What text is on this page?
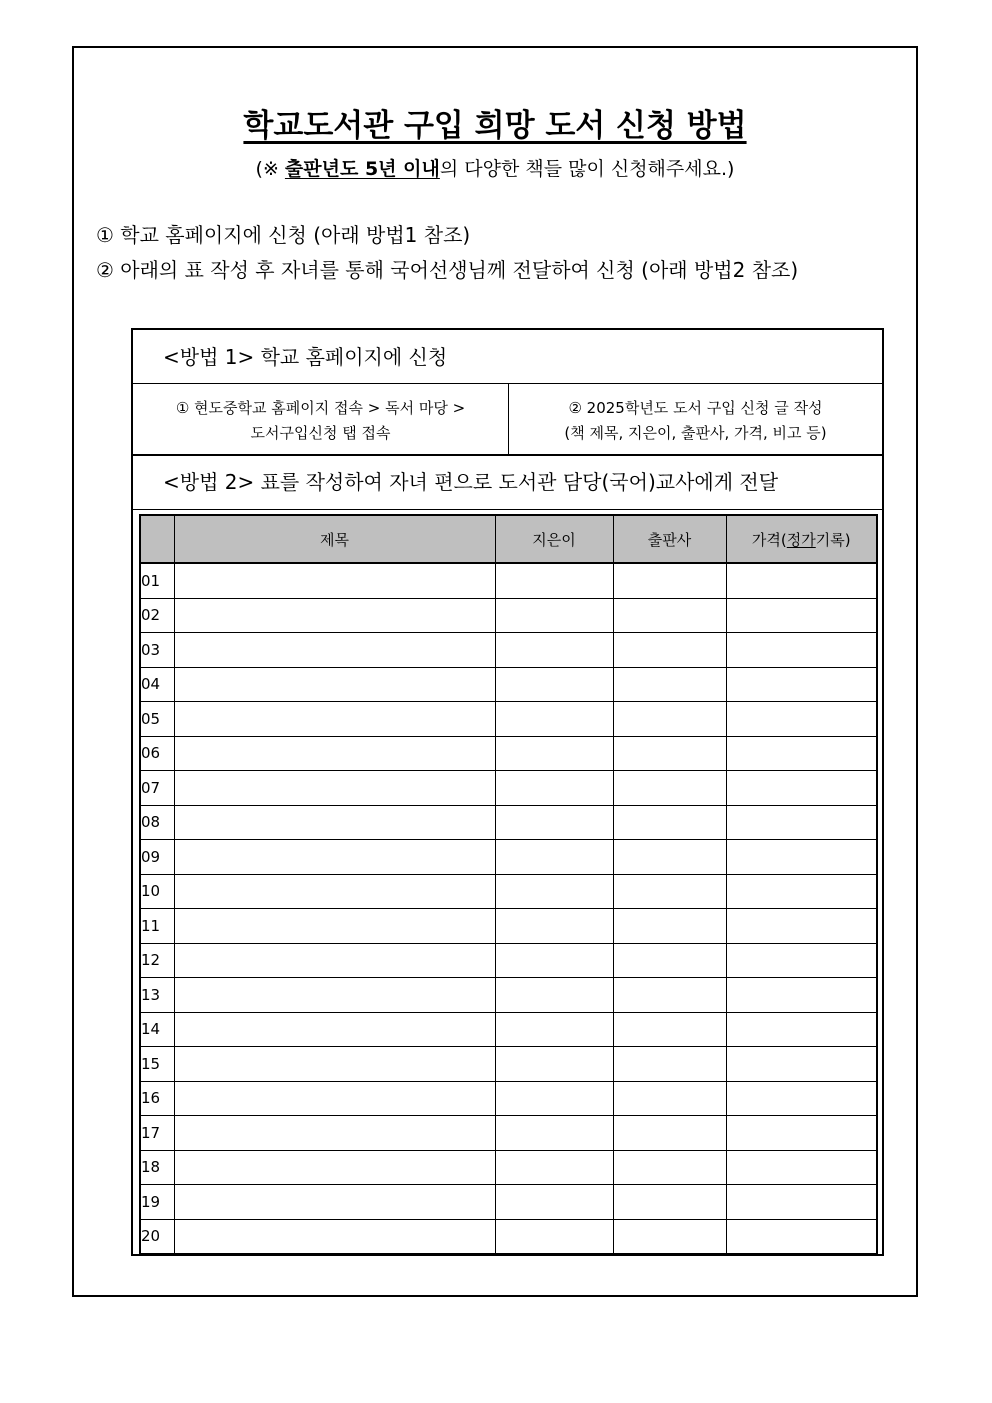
학교도서관 구입 희망 도서 신청 방법
(※ 출판년도 5년 이내의 다양한 책들 많이 신청해주세요.)
① 학교 홈페이지에 신청 (아래 방법1 참조)
② 아래의 표 작성 후 자녀를 통해 국어선생님께 전달하여 신청 (아래 방법2 참조)
<방법 1> 학교 홈페이지에 신청
① 현도중학교 홈페이지 접속 > 독서 마당 >
도서구입신청 탭 접속
② 2025학년도 도서 구입 신청 글 작성
(책 제목, 지은이, 출판사, 가격, 비고 등)
<방법 2> 표를 작성하여 자녀 편으로 도서관 담당(국어)교사에게 전달
	제목	지은이	출판사	가격(정가기록)
01				
02				
03				
04				
05				
06				
07				
08				
09				
10				
11				
12				
13				
14				
15				
16				
17				
18				
19				
20				
